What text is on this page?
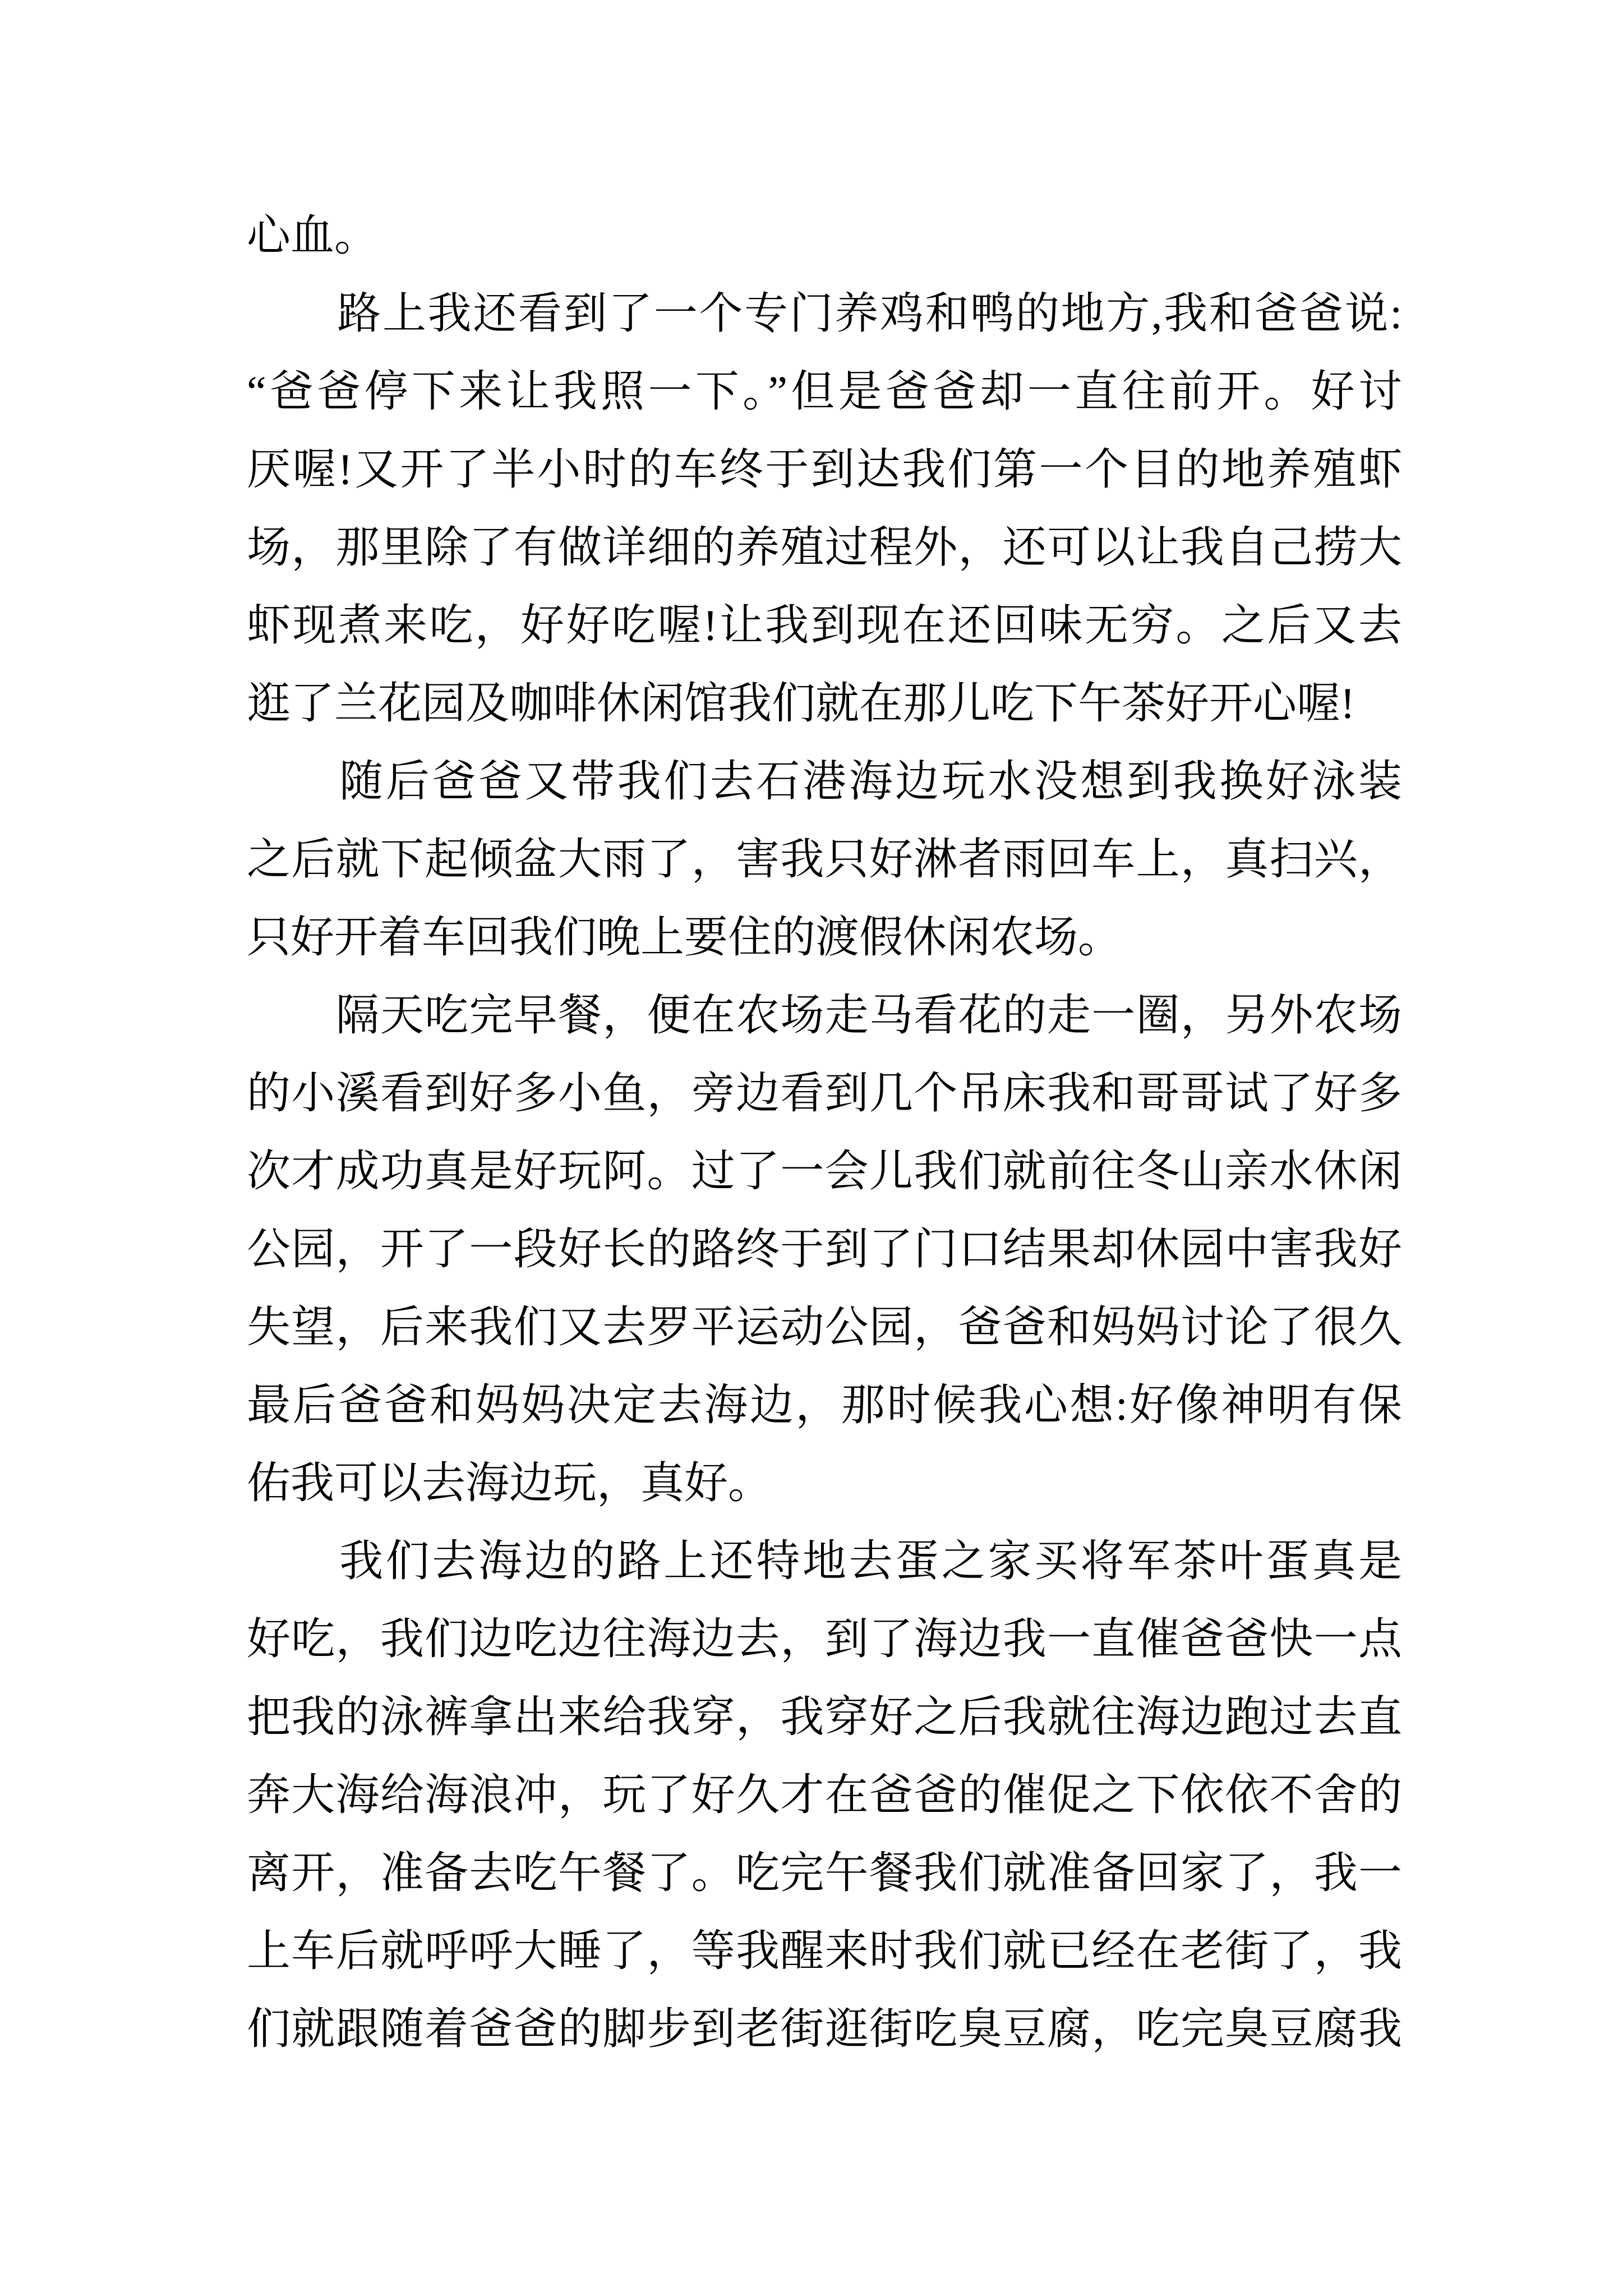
心血。
　　路上我还看到了一个专门养鸡和鸭的地方,我和爸爸说:
“爸爸停下来让我照一下。”但是爸爸却一直往前开。好讨
厌喔!又开了半小时的车终于到达我们第一个目的地养殖虾
场，那里除了有做详细的养殖过程外，还可以让我自己捞大
虾现煮来吃，好好吃喔!让我到现在还回味无穷。之后又去
逛了兰花园及咖啡休闲馆我们就在那儿吃下午茶好开心喔!
　　随后爸爸又带我们去石港海边玩水没想到我换好泳装
之后就下起倾盆大雨了，害我只好淋者雨回车上，真扫兴，
只好开着车回我们晚上要住的渡假休闲农场。
　　隔天吃完早餐，便在农场走马看花的走一圈，另外农场
的小溪看到好多小鱼，旁边看到几个吊床我和哥哥试了好多
次才成功真是好玩阿。过了一会儿我们就前往冬山亲水休闲
公园，开了一段好长的路终于到了门口结果却休园中害我好
失望，后来我们又去罗平运动公园，爸爸和妈妈讨论了很久
最后爸爸和妈妈决定去海边，那时候我心想:好像神明有保
佑我可以去海边玩，真好。
　　我们去海边的路上还特地去蛋之家买将军茶叶蛋真是
好吃，我们边吃边往海边去，到了海边我一直催爸爸快一点
把我的泳裤拿出来给我穿，我穿好之后我就往海边跑过去直
奔大海给海浪冲，玩了好久才在爸爸的催促之下依依不舍的
离开，准备去吃午餐了。吃完午餐我们就准备回家了，我一
上车后就呼呼大睡了，等我醒来时我们就已经在老街了，我
们就跟随着爸爸的脚步到老街逛街吃臭豆腐，吃完臭豆腐我
